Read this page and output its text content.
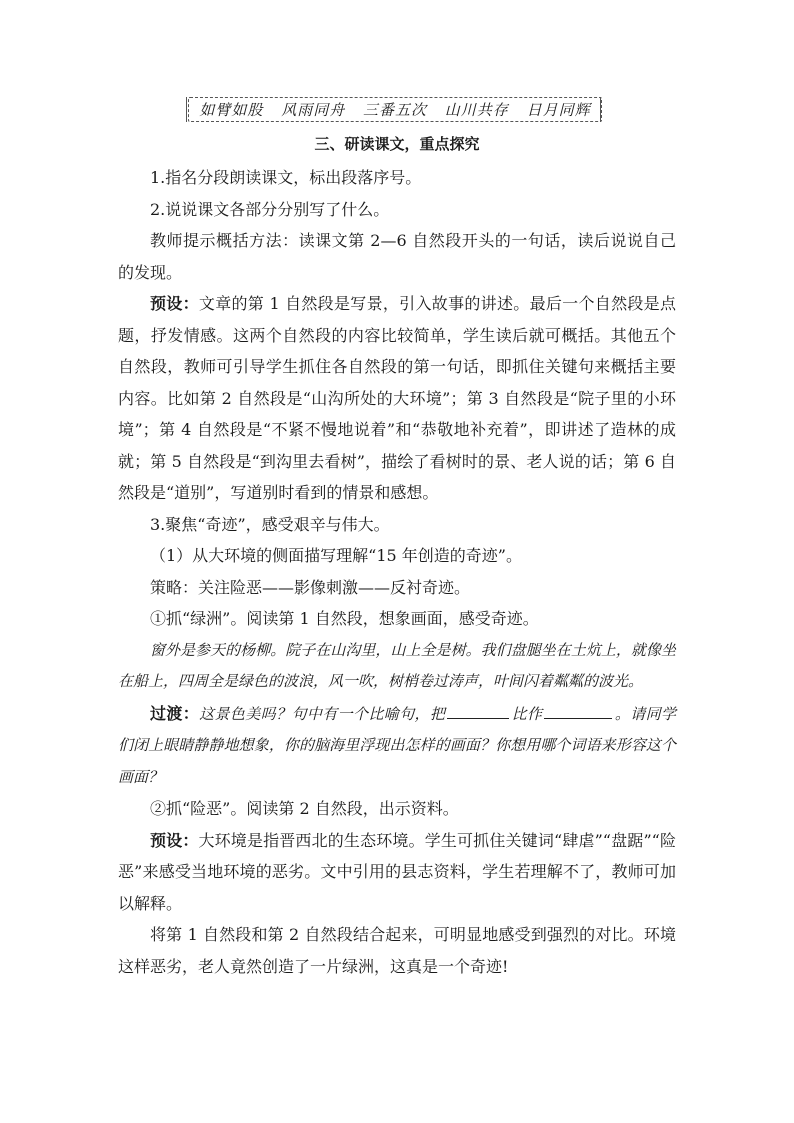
如臂如股 风雨同舟 三番五次 山川共存 日月同辉
三、研读课文，重点探究

1.指名分段朗读课文，标出段落序号。

2.说说课文各部分分别写了什么。

教师提示概括方法：读课文第 2—6 自然段开头的一句话，读后说说自己的发现。

预设：文章的第 1 自然段是写景，引入故事的讲述。最后一个自然段是点题，抒发情感。这两个自然段的内容比较简单，学生读后就可概括。其他五个自然段，教师可引导学生抓住各自然段的第一句话，即抓住关键句来概括主要内容。比如第 2 自然段是“山沟所处的大环境”；第 3 自然段是“院子里的小环境”；第 4 自然段是“不紧不慢地说着”和“恭敬地补充着”，即讲述了造林的成就；第 5 自然段是“到沟里去看树”，描绘了看树时的景、老人说的话；第 6 自然段是“道别”，写道别时看到的情景和感想。

3.聚焦“奇迹”，感受艰辛与伟大。

（1）从大环境的侧面描写理解“15 年创造的奇迹”。

策略：关注险恶——影像刺激——反衬奇迹。

①抓“绿洲”。阅读第 1 自然段，想象画面，感受奇迹。

窗外是参天的杨柳。院子在山沟里，山上全是树。我们盘腿坐在土炕上，就像坐在船上，四周全是绿色的波浪，风一吹，树梢卷过涛声，叶间闪着粼粼的波光。

过渡：这景色美吗？句中有一个比喻句，把	比作	。请同学们闭上眼睛静静地想象，你的脑海里浮现出怎样的画面？你想用哪个词语来形容这个画面？

②抓“险恶”。阅读第 2 自然段，出示资料。

预设：大环境是指晋西北的生态环境。学生可抓住关键词“肆虐”“盘踞”“险恶”来感受当地环境的恶劣。文中引用的县志资料，学生若理解不了，教师可加以解释。

将第 1 自然段和第 2 自然段结合起来，可明显地感受到强烈的对比。环境这样恶劣，老人竟然创造了一片绿洲，这真是一个奇迹!
